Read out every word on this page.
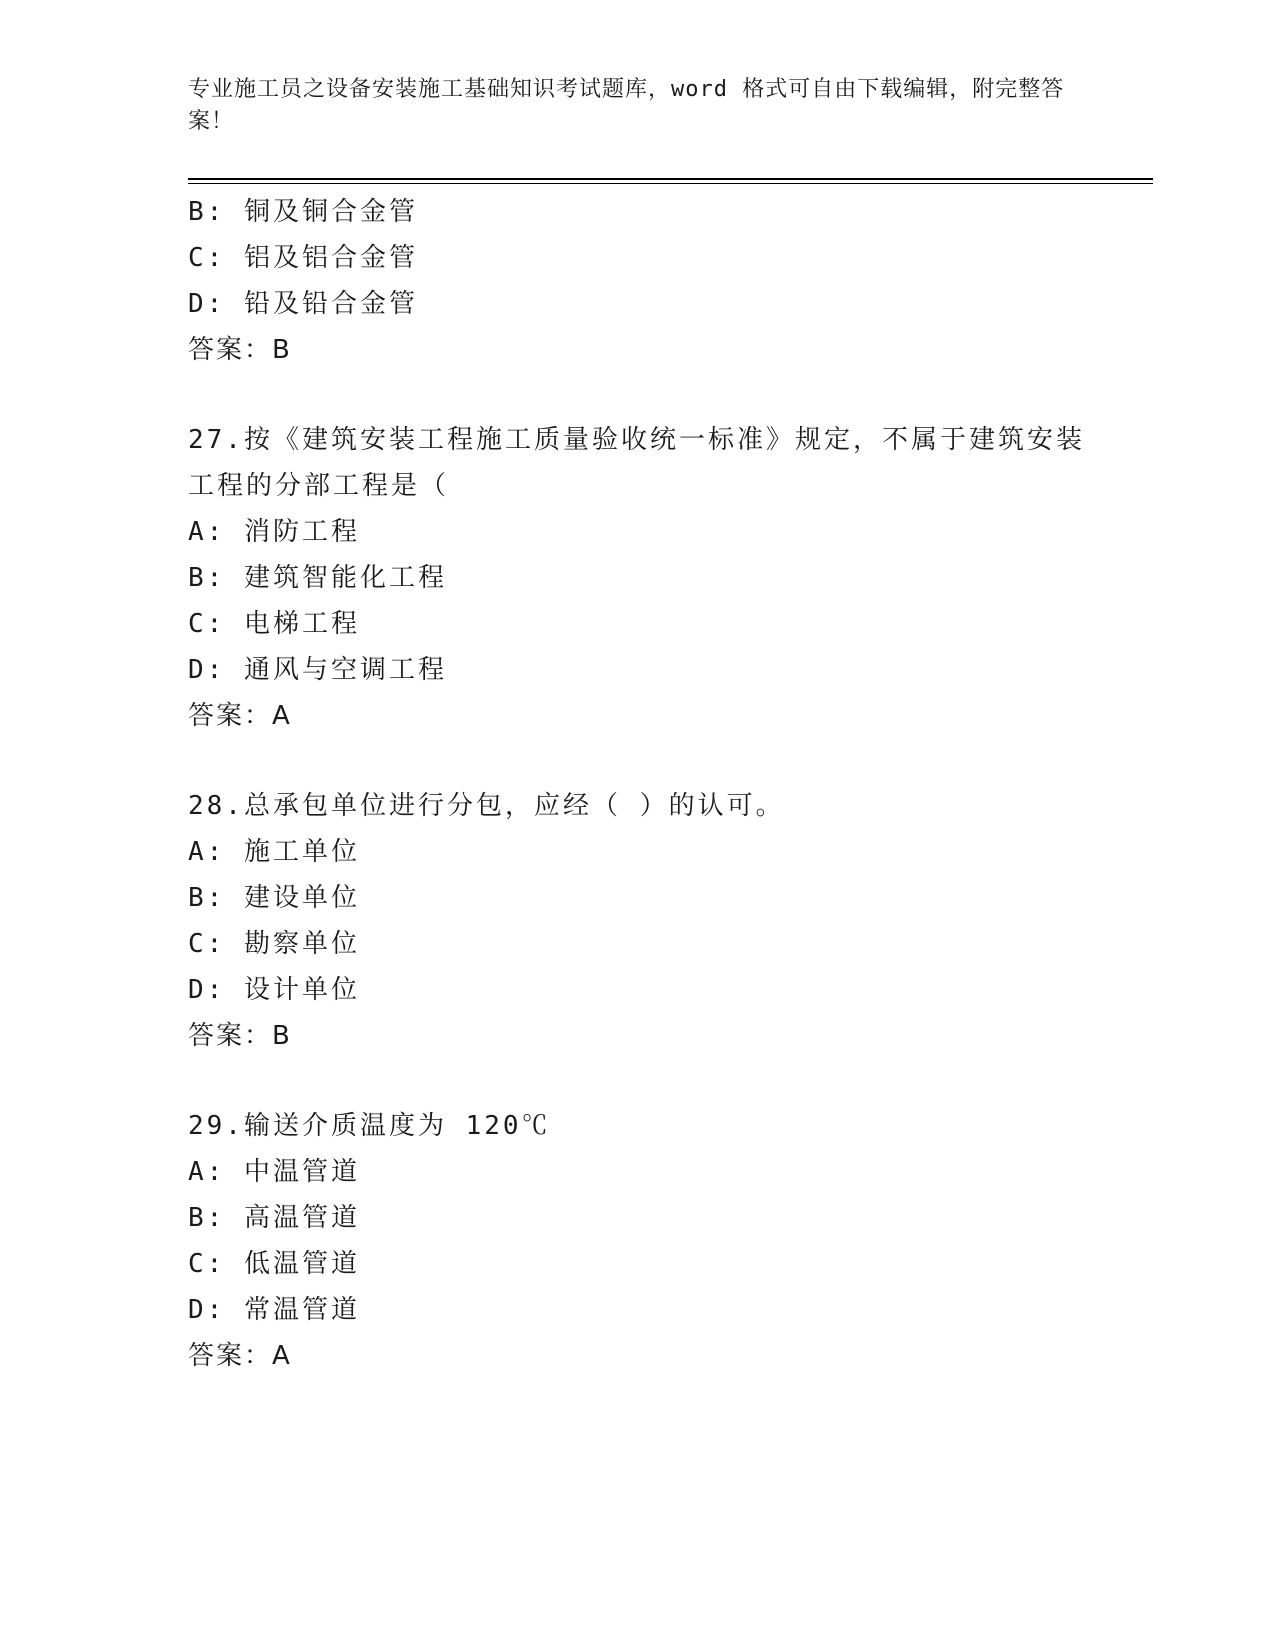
专业施工员之设备安装施工基础知识考试题库，word 格式可自由下载编辑，附完整答案！
B: 铜及铜合金管
C: 铝及铝合金管
D: 铅及铅合金管
答案：B
27.按《建筑安装工程施工质量验收统一标准》规定，不属于建筑安装
工程的分部工程是（
A: 消防工程
B: 建筑智能化工程
C: 电梯工程
D: 通风与空调工程
答案：A
28.总承包单位进行分包，应经（ ）的认可。
A: 施工单位
B: 建设单位
C: 勘察单位
D: 设计单位
答案：B
29.输送介质温度为 120℃
A: 中温管道
B: 高温管道
C: 低温管道
D: 常温管道
答案：A
